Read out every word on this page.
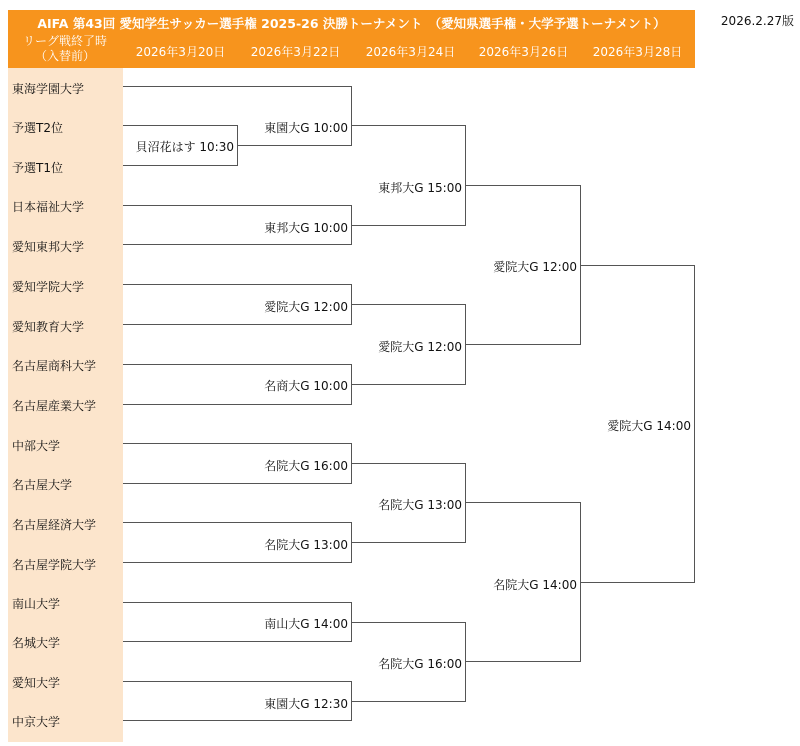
AIFA 第43回 愛知学生サッカー選手権 2025-26 決勝トーナメント　（愛知県選手権・大学予選トーナメント）
リーグ戦終了時
（入替前）	2026年3月20日	2026年3月22日	2026年3月24日	2026年3月26日	2026年3月28日
2026.2.27版
東海学園大学
予選T2位
予選T1位
日本福祉大学
愛知東邦大学
愛知学院大学
愛知教育大学
名古屋商科大学
名古屋産業大学
中部大学
名古屋大学
名古屋経済大学
名古屋学院大学
南山大学
名城大学
愛知大学
中京大学
貝沼花はす 10:30
東園大G 10:00
東邦大G 10:00
愛院大G 12:00
名商大G 10:00
名院大G 16:00
名院大G 13:00
南山大G 14:00
東園大G 12:30
東邦大G 15:00
愛院大G 12:00
名院大G 13:00
名院大G 16:00
愛院大G 12:00
名院大G 14:00
愛院大G 14:00
